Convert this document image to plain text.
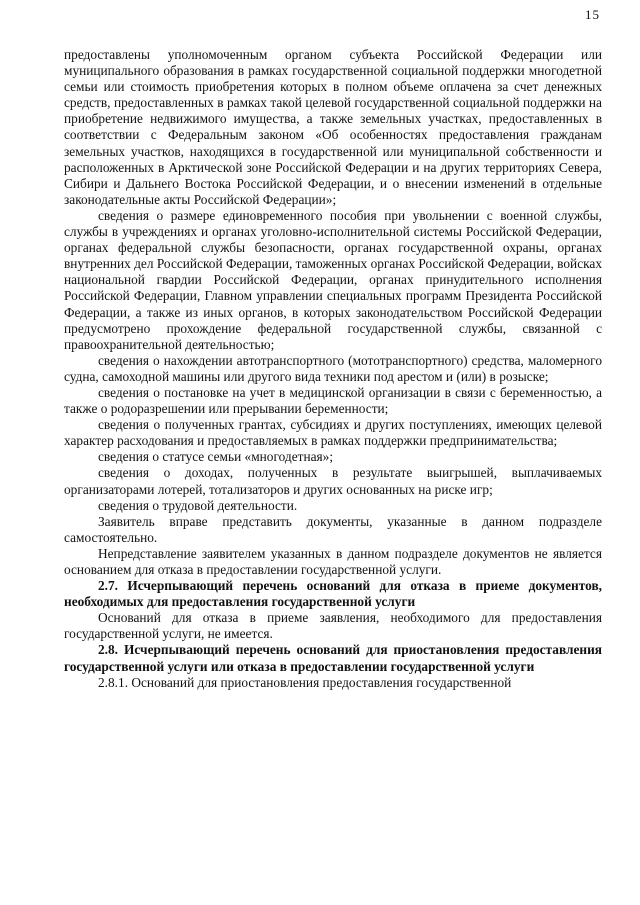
15

предоставлены уполномоченным органом субъекта Российской Федерации или муниципального образования в рамках государственной социальной поддержки многодетной семьи или стоимость приобретения которых в полном объеме оплачена за счет денежных средств, предоставленных в рамках такой целевой государственной социальной поддержки на приобретение недвижимого имущества, а также земельных участках, предоставленных в соответствии с Федеральным законом «Об особенностях предоставления гражданам земельных участков, находящихся в государственной или муниципальной собственности и расположенных в Арктической зоне Российской Федерации и на других территориях Севера, Сибири и Дальнего Востока Российской Федерации, и о внесении изменений в отдельные законодательные акты Российской Федерации»;

сведения о размере единовременного пособия при увольнении с военной службы, службы в учреждениях и органах уголовно-исполнительной системы Российской Федерации, органах федеральной службы безопасности, органах государственной охраны, органах внутренних дел Российской Федерации, таможенных органах Российской Федерации, войсках национальной гвардии Российской Федерации, органах принудительного исполнения Российской Федерации, Главном управлении специальных программ Президента Российской Федерации, а также из иных органов, в которых законодательством Российской Федерации предусмотрено прохождение федеральной государственной службы, связанной с правоохранительной деятельностью;

сведения о нахождении автотранспортного (мототранспортного) средства, маломерного судна, самоходной машины или другого вида техники под арестом и (или) в розыске;

сведения о постановке на учет в медицинской организации в связи с беременностью, а также о родоразрешении или прерывании беременности;

сведения о полученных грантах, субсидиях и других поступлениях, имеющих целевой характер расходования и предоставляемых в рамках поддержки предпринимательства;

сведения о статусе семьи «многодетная»;

сведения о доходах, полученных в результате выигрышей, выплачиваемых организаторами лотерей, тотализаторов и других основанных на риске игр;

сведения о трудовой деятельности.

Заявитель вправе представить документы, указанные в данном подразделе самостоятельно.

Непредставление заявителем указанных в данном подразделе документов не является основанием для отказа в предоставлении государственной услуги.

2.7. Исчерпывающий перечень оснований для отказа в приеме документов, необходимых для предоставления государственной услуги

Оснований для отказа в приеме заявления, необходимого для предоставления государственной услуги, не имеется.

2.8. Исчерпывающий перечень оснований для приостановления предоставления государственной услуги или отказа в предоставлении государственной услуги

2.8.1. Оснований для приостановления предоставления государственной
